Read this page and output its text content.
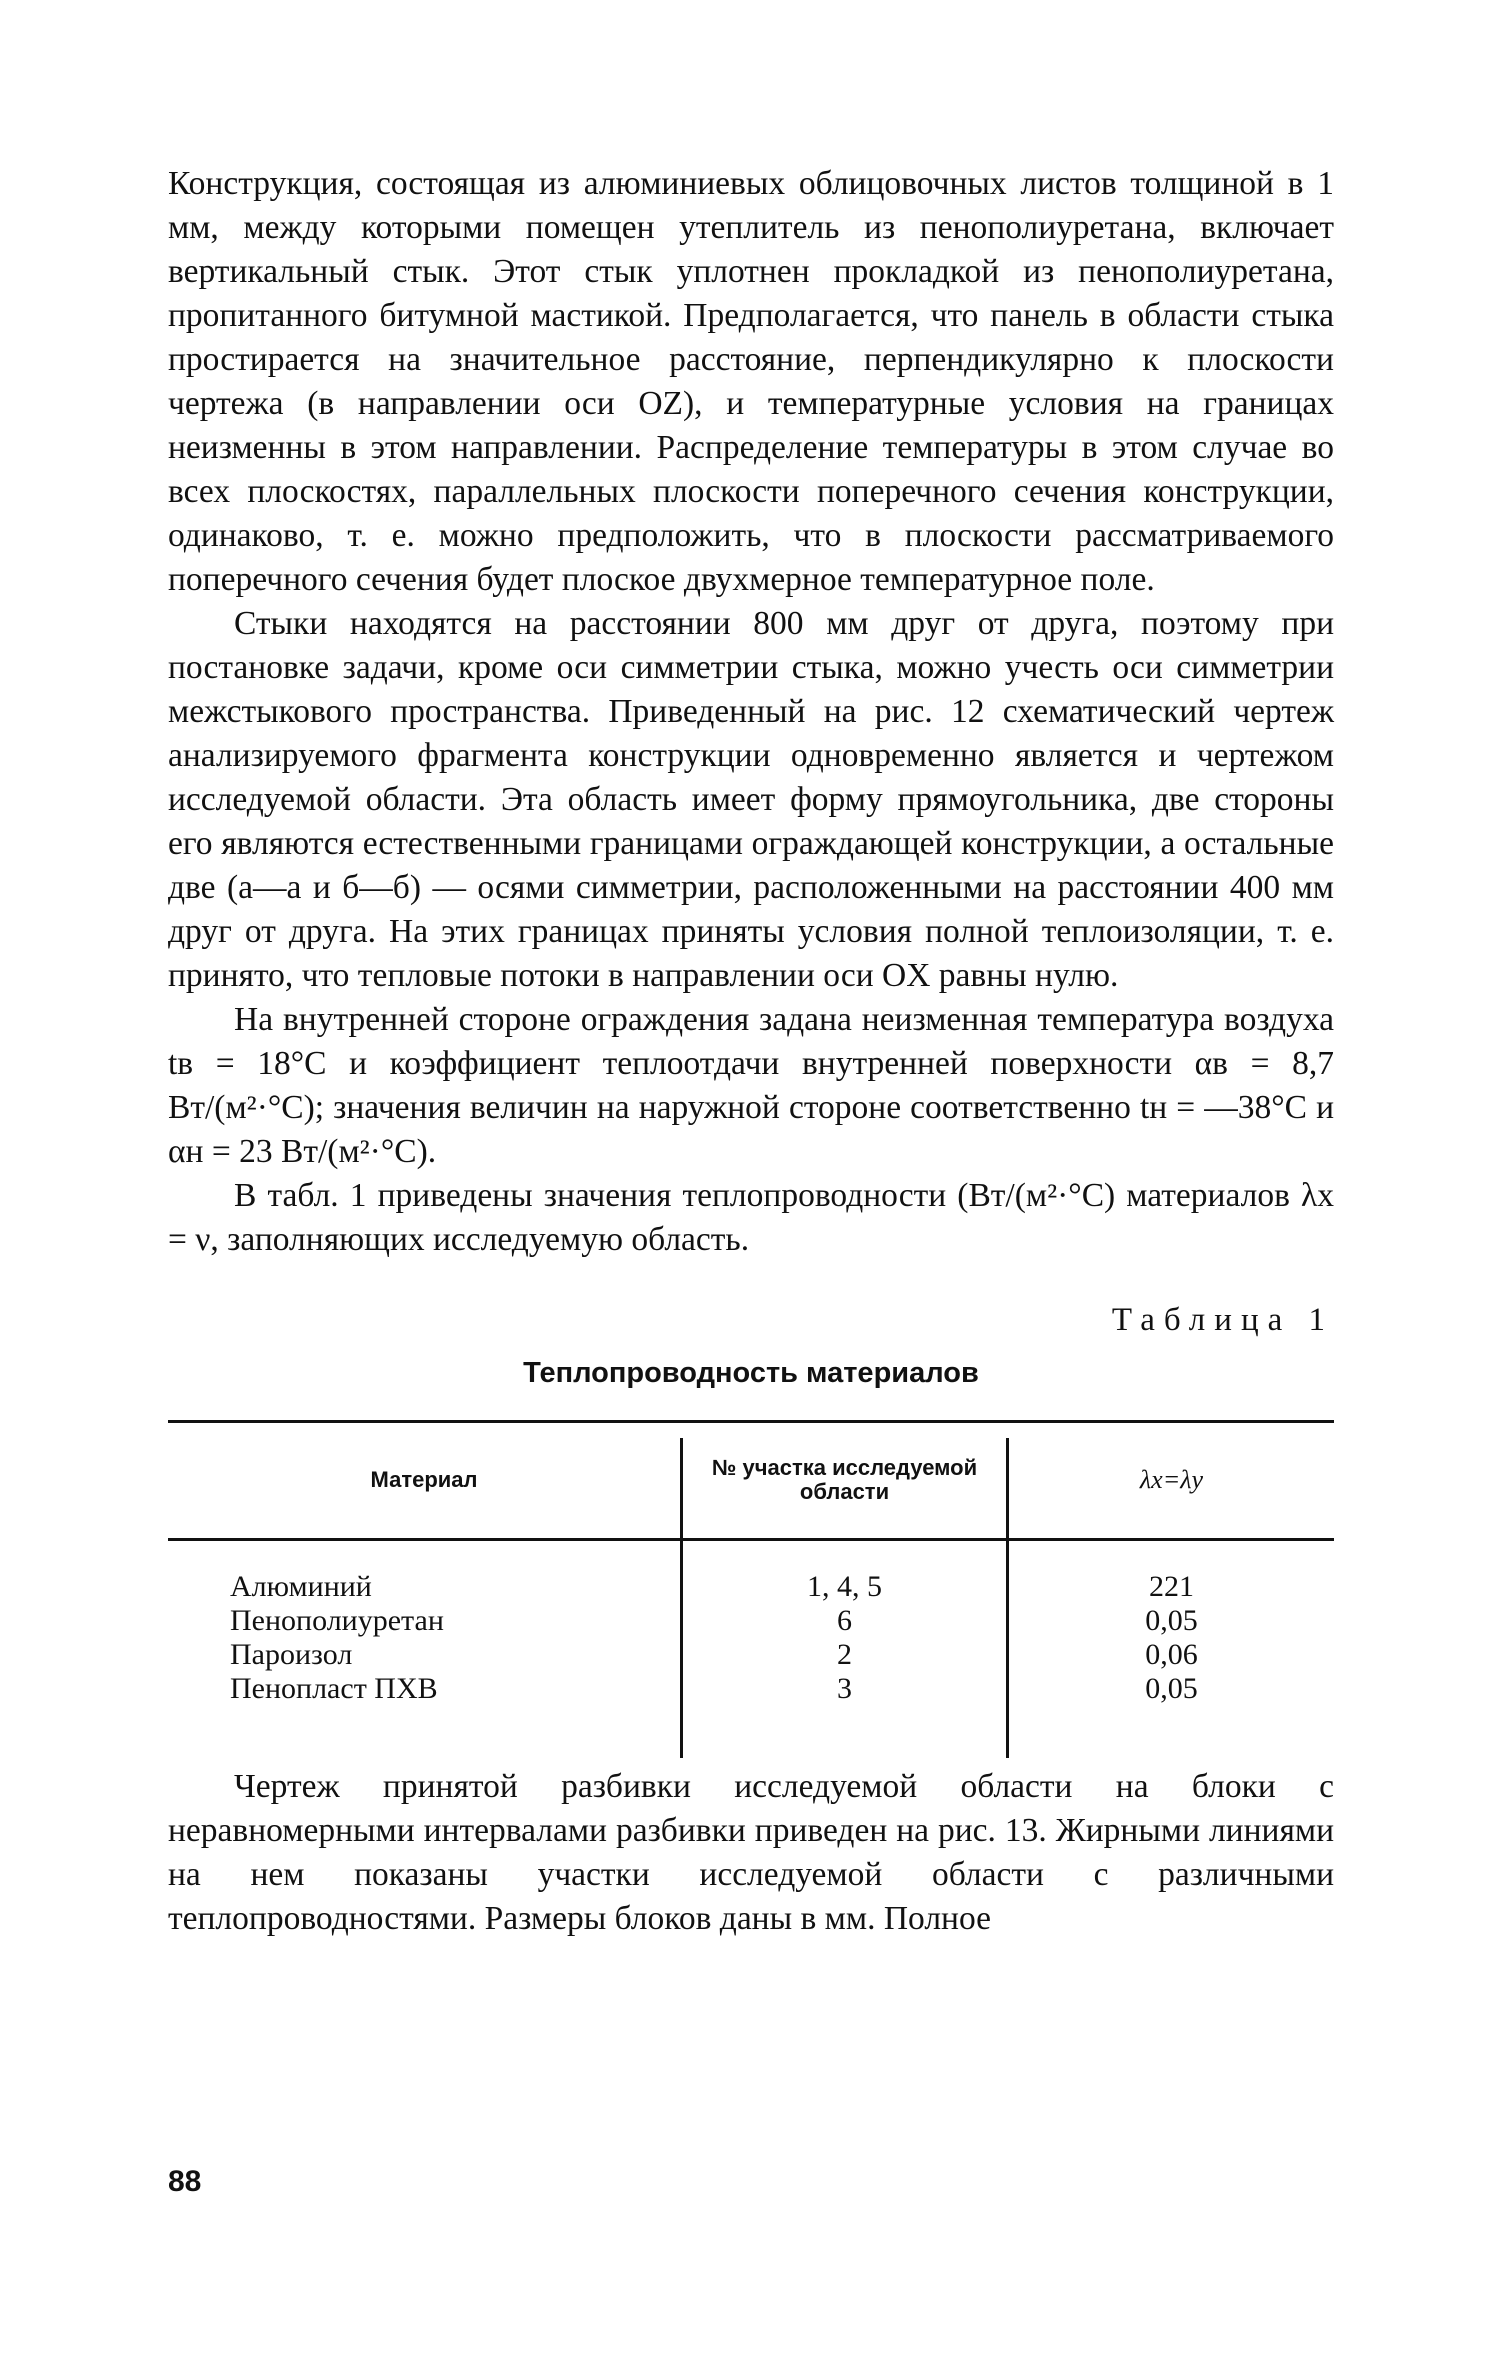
Конструкция, состоящая из алюминиевых облицовочных листов толщиной в 1 мм, между которыми помещен утеплитель из пенополиуретана, включает вертикальный стык. Этот стык уплотнен прокладкой из пенополиуретана, пропитанного битумной мастикой. Предполагается, что панель в области стыка простирается на значительное расстояние, перпендикулярно к плоскости чертежа (в направлении оси OZ), и температурные условия на границах неизменны в этом направлении. Распределение температуры в этом случае во всех плоскостях, параллельных плоскости поперечного сечения конструкции, одинаково, т. е. можно предположить, что в плоскости рассматриваемого поперечного сечения будет плоское двухмерное температурное поле.

Стыки находятся на расстоянии 800 мм друг от друга, поэтому при постановке задачи, кроме оси симметрии стыка, можно учесть оси симметрии межстыкового пространства. Приведенный на рис. 12 схематический чертеж анализируемого фрагмента конструкции одновременно является и чертежом исследуемой области. Эта область имеет форму прямоугольника, две стороны его являются естественными границами ограждающей конструкции, а остальные две (а—а и б—б) — осями симметрии, расположенными на расстоянии 400 мм друг от друга. На этих границах приняты условия полной теплоизоляции, т. е. принято, что тепловые потоки в направлении оси OX равны нулю.

На внутренней стороне ограждения задана неизменная температура воздуха tв = 18°С и коэффициент теплоотдачи внутренней поверхности αв = 8,7 Вт/(м²·°С); значения величин на наружной стороне соответственно tн = —38°С и αн = 23 Вт/(м²·°С).

В табл. 1 приведены значения теплопроводности (Вт/(м²·°С) материалов λx = ν, заполняющих исследуемую область.

Таблица 1
Теплопроводность материалов
Материал	№ участка исследуемой области	λx=λy
Алюминий
Пенополиуретан
Пароизол
Пенопласт ПХВ
1, 4, 5
6
2
3
221
0,05
0,06
0,05

Чертеж принятой разбивки исследуемой области на блоки с неравномерными интервалами разбивки приведен на рис. 13. Жирными линиями на нем показаны участки исследуемой области с различными теплопроводностями. Размеры блоков даны в мм. Полное

88
